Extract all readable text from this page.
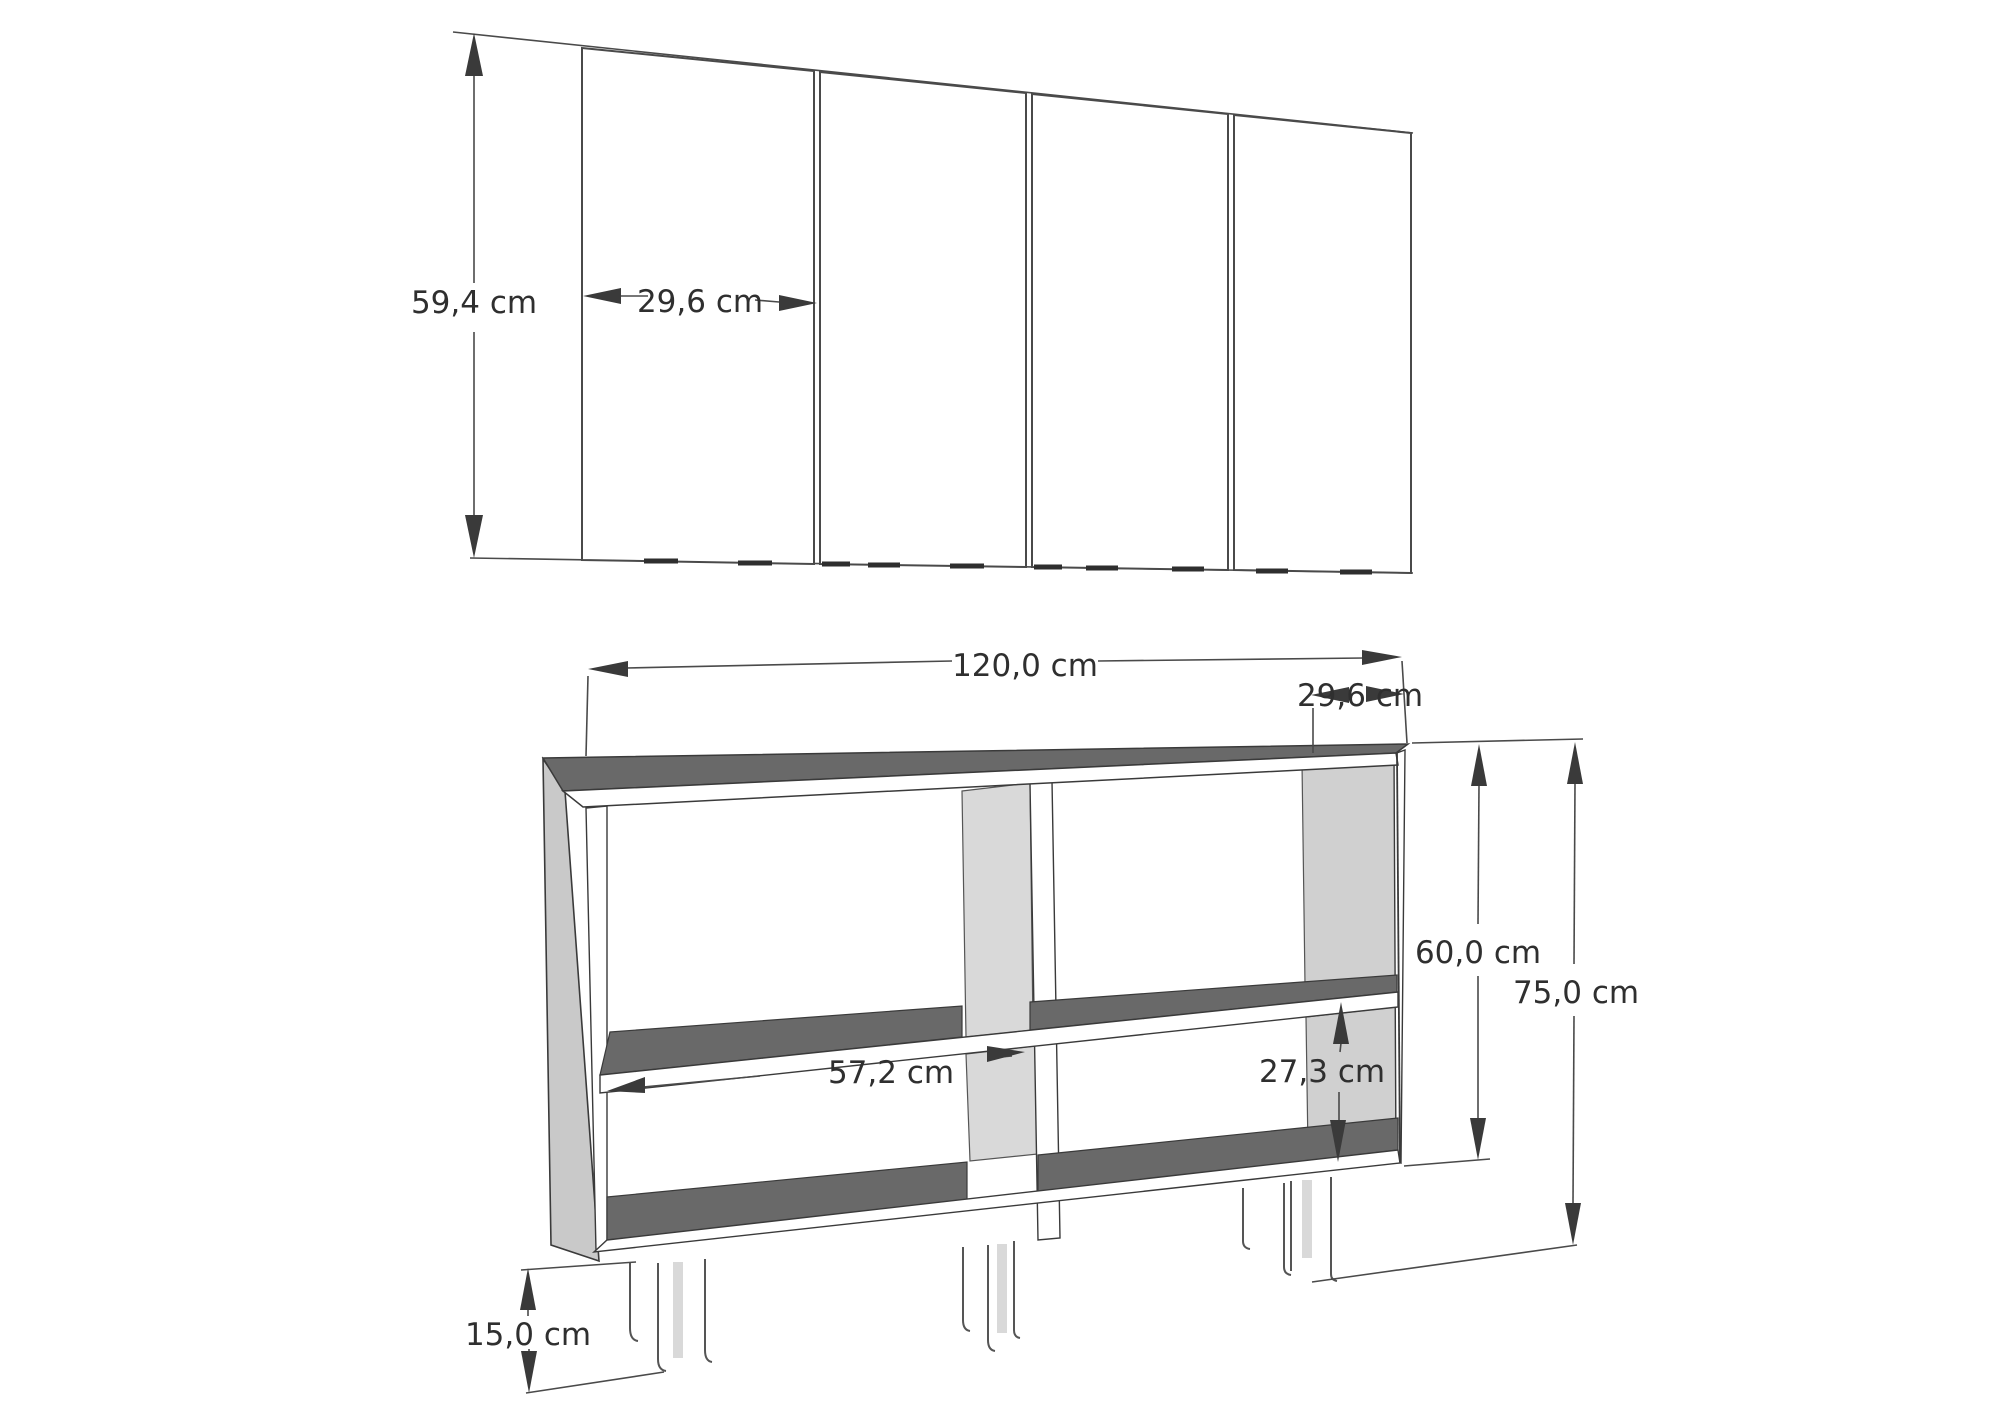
59,4 cm	29,6 cm
120,0 cm
29,6 cm
60,0 cm
75,0 cm
57,2 cm	27,3 cm
15,0 cm
